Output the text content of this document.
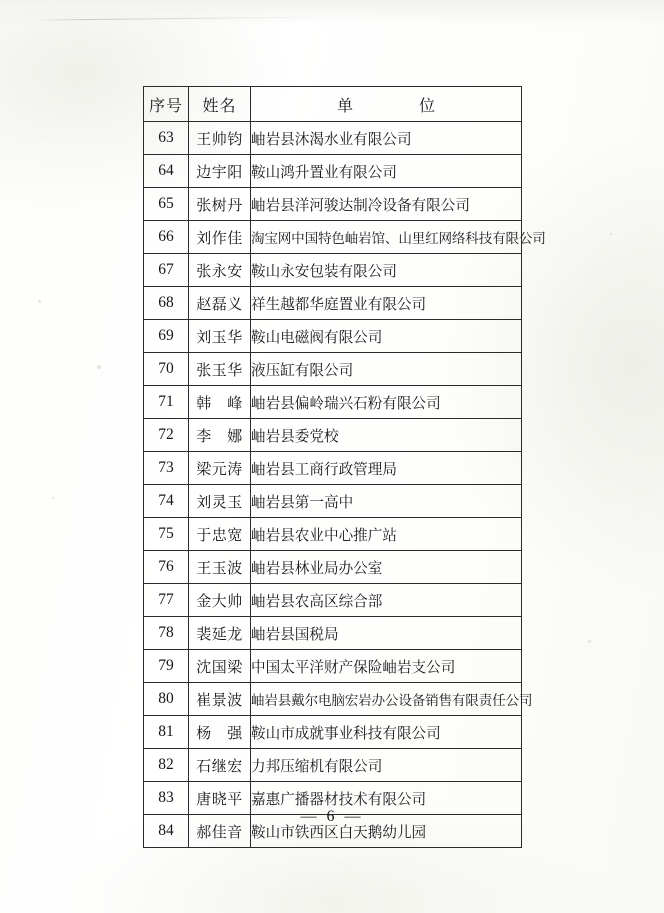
序号	姓名	单 位

63	王帅钧	岫岩县沐渴水业有限公司
64	边宇阳	鞍山鸿升置业有限公司
65	张树丹	岫岩县洋河骏达制冷设备有限公司
66	刘作佳	淘宝网中国特色岫岩馆、山里红网络科技有限公司
67	张永安	鞍山永安包装有限公司
68	赵磊义	祥生越都华庭置业有限公司
69	刘玉华	鞍山电磁阀有限公司
70	张玉华	液压缸有限公司
71	韩　峰	岫岩县偏岭瑞兴石粉有限公司
72	李　娜	岫岩县委党校
73	梁元涛	岫岩县工商行政管理局
74	刘灵玉	岫岩县第一高中
75	于忠宽	岫岩县农业中心推广站
76	王玉波	岫岩县林业局办公室
77	金大帅	岫岩县农高区综合部
78	裴延龙	岫岩县国税局
79	沈国梁	中国太平洋财产保险岫岩支公司
80	崔景波	岫岩县戴尔电脑宏岩办公设备销售有限责任公司
81	杨　强	鞍山市成就事业科技有限公司
82	石继宏	力邦压缩机有限公司
83	唐晓平	嘉惠广播器材技术有限公司
84	郝佳音	鞍山市铁西区白天鹅幼儿园
— 6 —
